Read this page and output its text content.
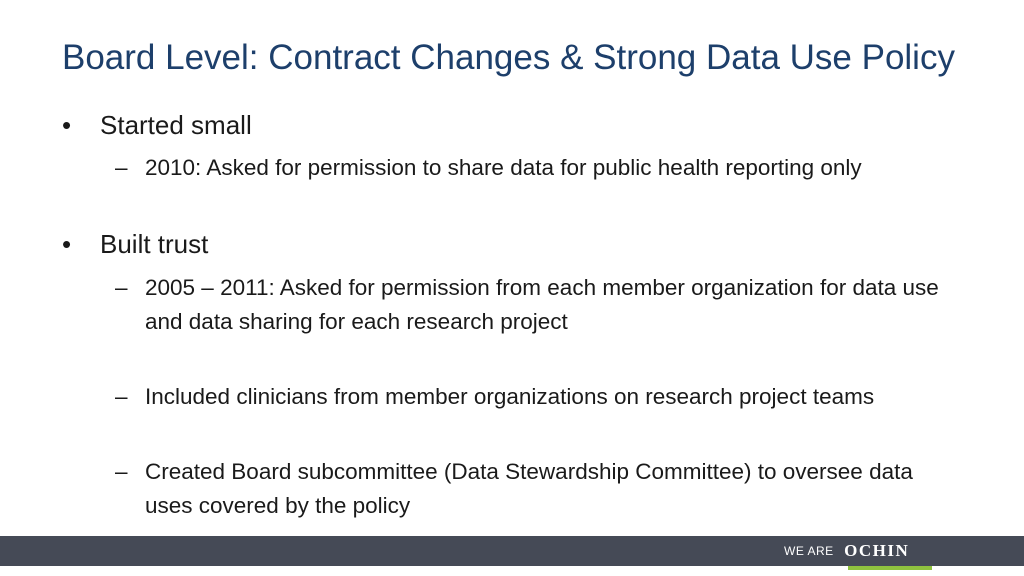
Board Level: Contract Changes & Strong Data Use Policy
• Started small
– 2010: Asked for permission to share data for public health reporting only
• Built trust
– 2005 – 2011: Asked for permission from each member organization for data use and data sharing for each research project
– Included clinicians from member organizations on research project teams
– Created Board subcommittee (Data Stewardship Committee) to oversee data uses covered by the policy
WE ARE OCHIN
